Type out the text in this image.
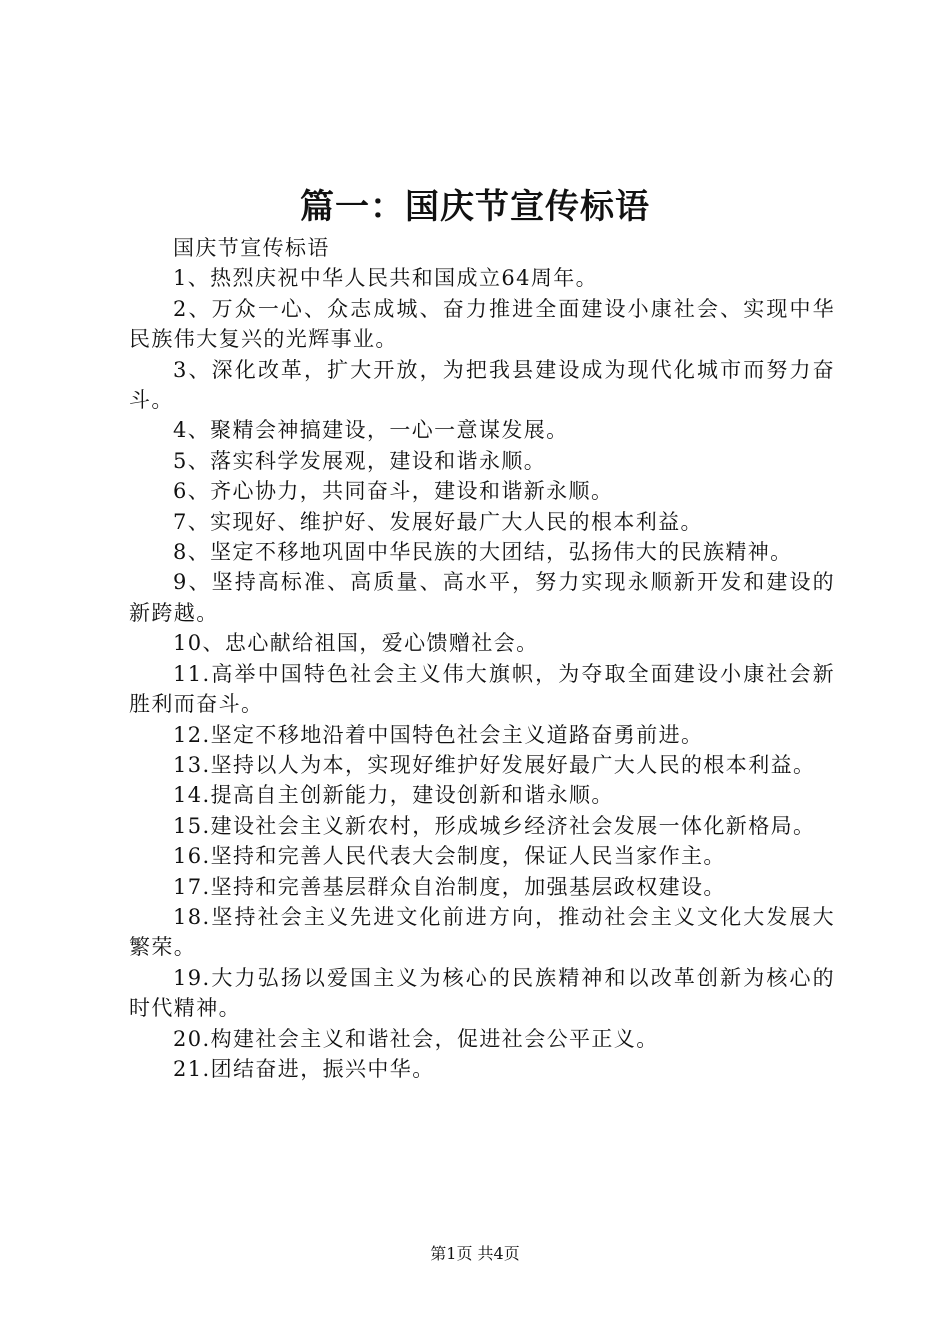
篇一：国庆节宣传标语

国庆节宣传标语

1、热烈庆祝中华人民共和国成立64周年。

2、万众一心、众志成城、奋力推进全面建设小康社会、实现中华民族伟大复兴的光辉事业。

3、深化改革，扩大开放，为把我县建设成为现代化城市而努力奋斗。

4、聚精会神搞建设，一心一意谋发展。

5、落实科学发展观，建设和谐永顺。

6、齐心协力，共同奋斗，建设和谐新永顺。

7、实现好、维护好、发展好最广大人民的根本利益。

8、坚定不移地巩固中华民族的大团结，弘扬伟大的民族精神。

9、坚持高标准、高质量、高水平，努力实现永顺新开发和建设的新跨越。

10、忠心献给祖国，爱心馈赠社会。

11.高举中国特色社会主义伟大旗帜，为夺取全面建设小康社会新胜利而奋斗。

12.坚定不移地沿着中国特色社会主义道路奋勇前进。

13.坚持以人为本，实现好维护好发展好最广大人民的根本利益。

14.提高自主创新能力，建设创新和谐永顺。

15.建设社会主义新农村，形成城乡经济社会发展一体化新格局。

16.坚持和完善人民代表大会制度，保证人民当家作主。

17.坚持和完善基层群众自治制度，加强基层政权建设。

18.坚持社会主义先进文化前进方向，推动社会主义文化大发展大繁荣。

19.大力弘扬以爱国主义为核心的民族精神和以改革创新为核心的时代精神。

20.构建社会主义和谐社会，促进社会公平正义。

21.团结奋进，振兴中华。

第1页 共4页
